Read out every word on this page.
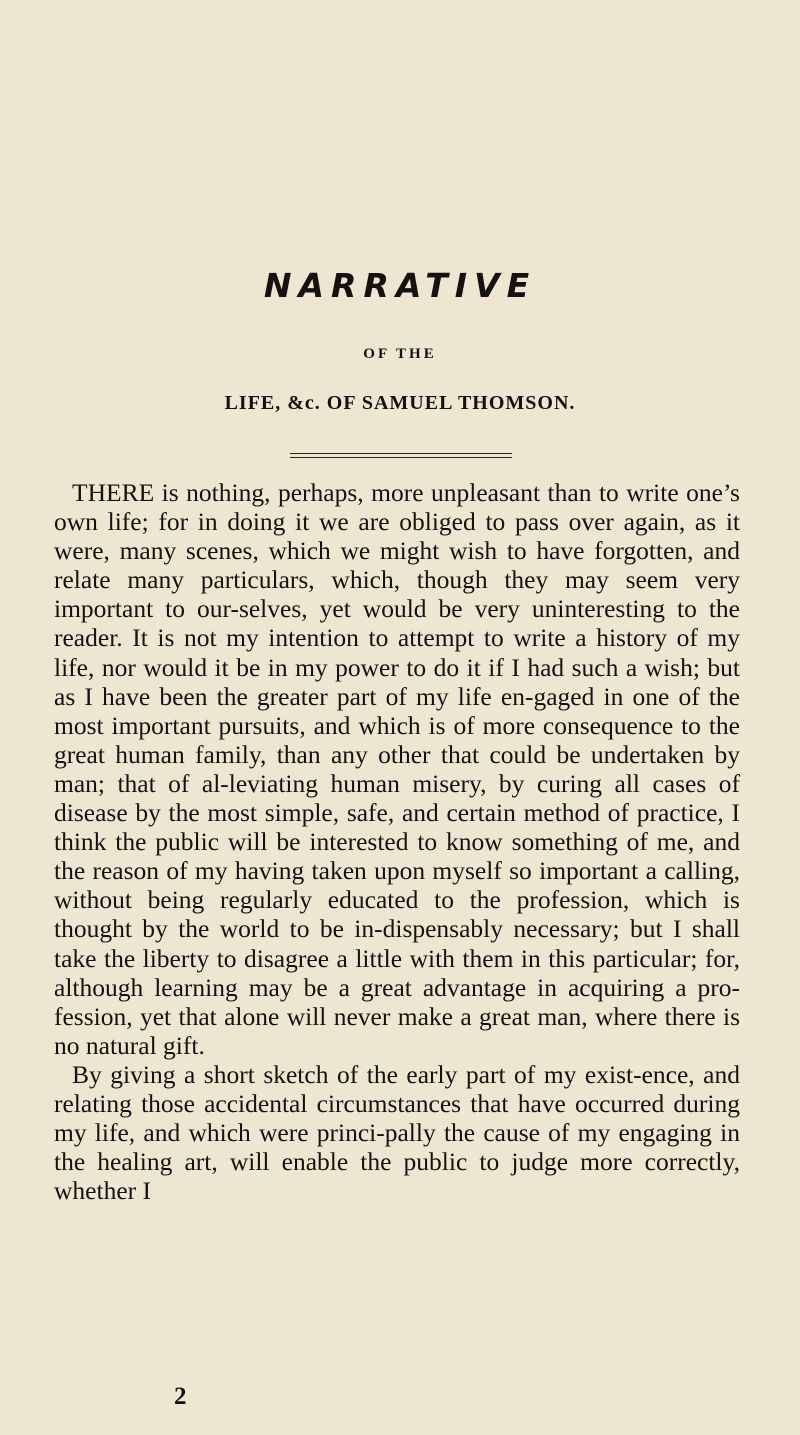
NARRATIVE
OF THE
LIFE, &c. OF SAMUEL THOMSON.

THERE is nothing, perhaps, more unpleasant than to write one’s own life; for in doing it we are obliged to pass over again, as it were, many scenes, which we might wish to have forgotten, and relate many particulars, which, though they may seem very important to our-selves, yet would be very uninteresting to the reader. It is not my intention to attempt to write a history of my life, nor would it be in my power to do it if I had such a wish; but as I have been the greater part of my life en-gaged in one of the most important pursuits, and which is of more consequence to the great human family, than any other that could be undertaken by man; that of al-leviating human misery, by curing all cases of disease by the most simple, safe, and certain method of practice, I think the public will be interested to know something of me, and the reason of my having taken upon myself so important a calling, without being regularly educated to the profession, which is thought by the world to be in-dispensably necessary; but I shall take the liberty to disagree a little with them in this particular; for, although learning may be a great advantage in acquiring a pro-fession, yet that alone will never make a great man, where there is no natural gift.

By giving a short sketch of the early part of my exist-ence, and relating those accidental circumstances that have occurred during my life, and which were princi-pally the cause of my engaging in the healing art, will enable the public to judge more correctly, whether I

2
